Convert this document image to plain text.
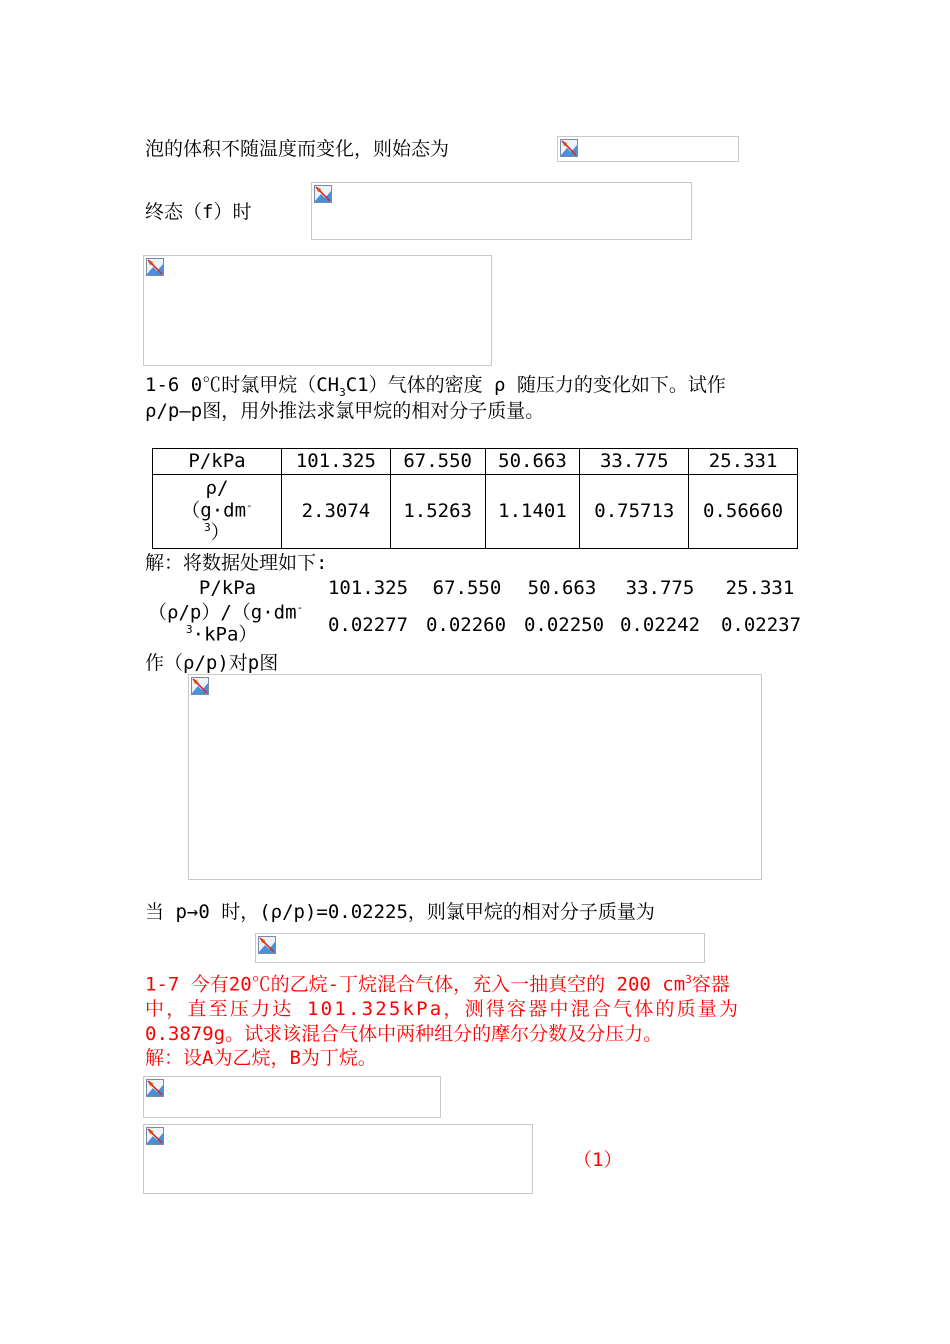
泡的体积不随温度而变化，则始态为
终态（f）时
1-6 0℃时氯甲烷$(CH_3C1)$气体的密度 ρ 随压力的变化如下。试作
ρ/p—p图，用外推法求氯甲烷的相对分子质量。
P/kPa	101.325	67.550	50.663	33.775	25.331

ρ/
（g·dm-
$^3$）	2.3074	1.5263	1.1401	0.75713	0.56660
解：将数据处理如下:
P/kPa	101.325	67.550	50.663	33.775	25.331
（ρ/p）/（g·dm-
$^3$·kPa）	0.02277 0.02260 0.02250 0.02242	0.02237
作（ρ/p)对p图
当 p→0 时，(ρ/p)=0.02225，则氯甲烷的相对分子质量为
1-7 今有20℃的乙烷-丁烷混合气体，充入一抽真空的 200 $cm^3$容器
中，直至压力达 101.325kPa，测得容器中混合气体的质量为
0.3879g。试求该混合气体中两种组分的摩尔分数及分压力。
解：设A为乙烷，B为丁烷。
（1）
